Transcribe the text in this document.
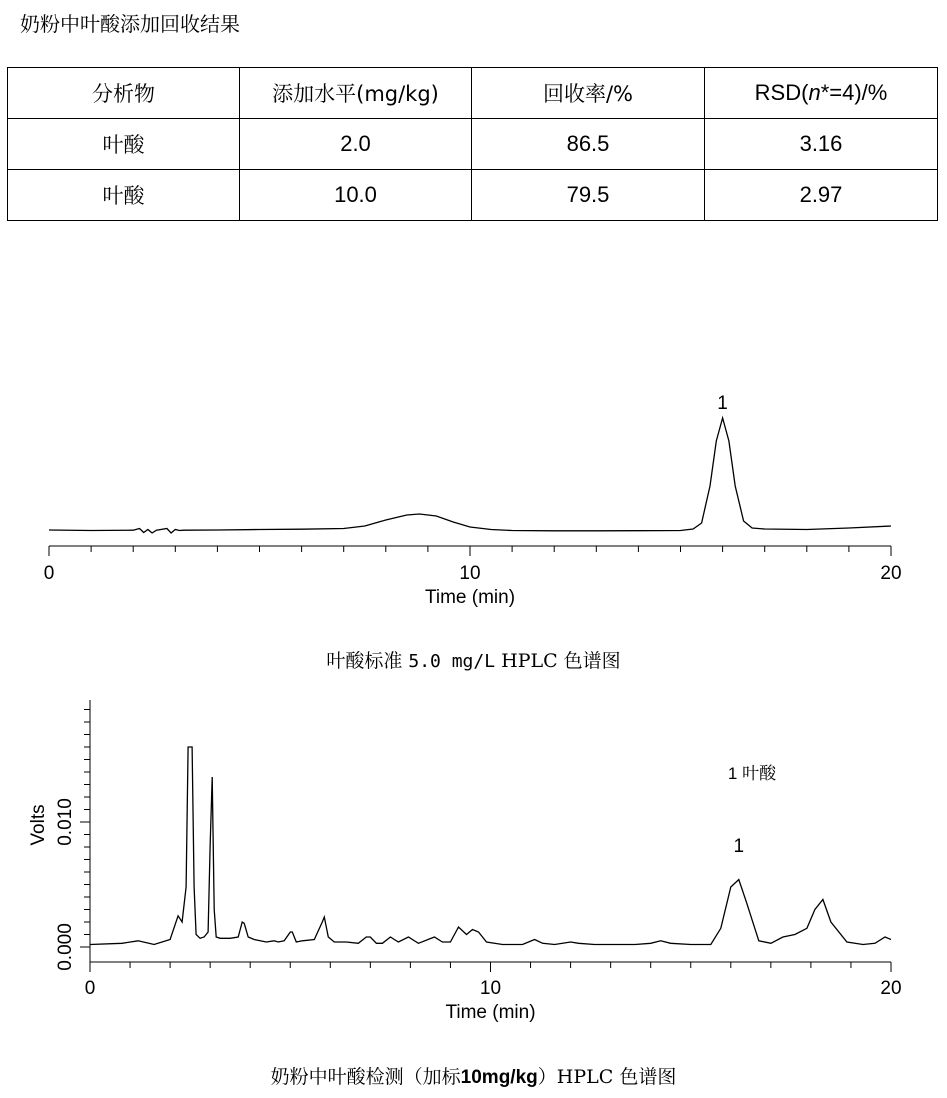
奶粉中叶酸添加回收结果
分析物	添加水平(mg/kg)	回收率/%	RSD(n*=4)/%
叶酸	2.0	86.5	3.16
叶酸	10.0	79.5	2.97
0	10	20
Time (min)
1
叶酸标准 5.0 mg/L HPLC 色谱图
0	10	20
0.000
0.010
Volts
Time (min)
1
1 叶酸
奶粉中叶酸检测（加标10mg/kg）HPLC 色谱图
